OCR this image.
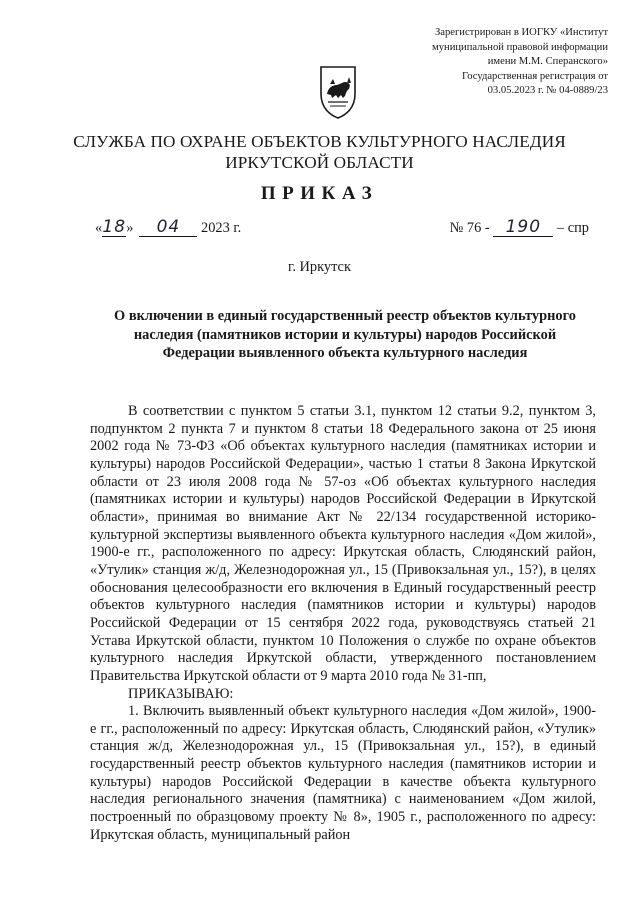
Зарегистрирован в ИОГКУ «Институт
муниципальной правовой информации
имени М.М. Сперанского»
Государственная регистрация от
03.05.2023 г. № 04-0889/23
СЛУЖБА ПО ОХРАНЕ ОБЪЕКТОВ КУЛЬТУРНОГО НАСЛЕДИЯ
ИРКУТСКОЙ ОБЛАСТИ
ПРИКАЗ
«18» 04 2023 г.	№ 76 - 190 – спр
г. Иркутск
О включении в единый государственный реестр объектов культурного
наследия (памятников истории и культуры) народов Российской
Федерации выявленного объекта культурного наследия

В соответствии с пунктом 5 статьи 3.1, пунктом 12 статьи 9.2, пунктом 3, подпунктом 2 пункта 7 и пунктом 8 статьи 18 Федерального закона от 25 июня 2002 года № 73-ФЗ «Об объектах культурного наследия (памятниках истории и культуры) народов Российской Федерации», частью 1 статьи 8 Закона Иркутской области от 23 июля 2008 года № 57-оз «Об объектах культурного наследия (памятниках истории и культуры) народов Российской Федерации в Иркутской области», принимая во внимание Акт № 22/134 государственной историко-культурной экспертизы выявленного объекта культурного наследия «Дом жилой», 1900-е гг., расположенного по адресу: Иркутская область, Слюдянский район, «Утулик» станция ж/д, Железнодорожная ул., 15 (Привокзальная ул., 15?), в целях обоснования целесообразности его включения в Единый государственный реестр объектов культурного наследия (памятников истории и культуры) народов Российской Федерации от 15 сентября 2022 года, руководствуясь статьей 21 Устава Иркутской области, пунктом 10 Положения о службе по охране объектов культурного наследия Иркутской области, утвержденного постановлением Правительства Иркутской области от 9 марта 2010 года № 31-пп,

ПРИКАЗЫВАЮ:

1. Включить выявленный объект культурного наследия «Дом жилой», 1900-е гг., расположенный по адресу: Иркутская область, Слюдянский район, «Утулик» станция ж/д, Железнодорожная ул., 15 (Привокзальная ул., 15?), в единый государственный реестр объектов культурного наследия (памятников истории и культуры) народов Российской Федерации в качестве объекта культурного наследия регионального значения (памятника) с наименованием «Дом жилой, построенный по образцовому проекту № 8», 1905 г., расположенного по адресу: Иркутская область, муниципальный район
